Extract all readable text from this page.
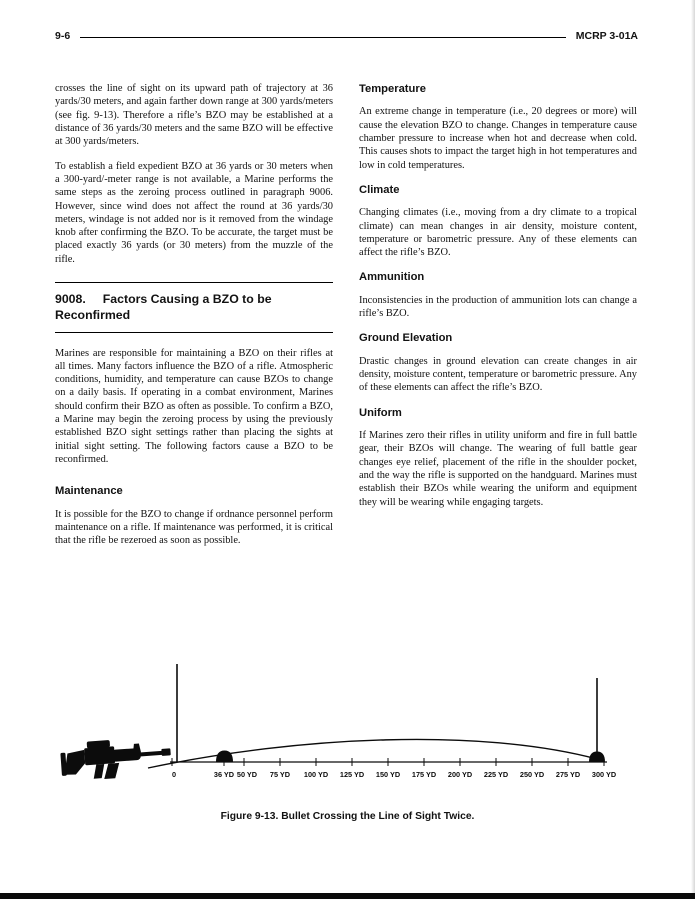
9-6	MCRP 3-01A

crosses the line of sight on its upward path of trajectory at 36 yards/30 meters, and again farther down range at 300 yards/meters (see fig. 9-13). Therefore a rifle’s BZO may be established at a distance of 36 yards/30 meters and the same BZO will be effective at 300 yards/meters.

To establish a field expedient BZO at 36 yards or 30 meters when a 300-yard/-meter range is not available, a Marine performs the same steps as the zeroing process outlined in paragraph 9006. However, since wind does not affect the round at 36 yards/30 meters, windage is not added nor is it removed from the windage knob after confirming the BZO. To be accurate, the target must be placed exactly 36 yards (or 30 meters) from the muzzle of the rifle.

9008. Factors Causing a BZO to be Reconfirmed

Marines are responsible for maintaining a BZO on their rifles at all times. Many factors influence the BZO of a rifle. Atmospheric conditions, humidity, and temperature can cause BZOs to change on a daily basis. If operating in a combat environment, Marines should confirm their BZO as often as possible. To confirm a BZO, a Marine may begin the zeroing process by using the previously established BZO sight settings rather than placing the sights at initial sight setting. The following factors cause a BZO to be reconfirmed.

Maintenance

It is possible for the BZO to change if ordnance personnel perform maintenance on a rifle. If maintenance was performed, it is critical that the rifle be rezeroed as soon as possible.

Temperature

An extreme change in temperature (i.e., 20 degrees or more) will cause the elevation BZO to change. Changes in temperature cause chamber pressure to increase when hot and decrease when cold. This causes shots to impact the target high in hot temperatures and low in cold temperatures.

Climate

Changing climates (i.e., moving from a dry climate to a tropical climate) can mean changes in air density, moisture content, temperature or barometric pressure. Any of these elements can affect the rifle’s BZO.

Ammunition

Inconsistencies in the production of ammunition lots can change a rifle’s BZO.

Ground Elevation

Drastic changes in ground elevation can create changes in air density, moisture content, temperature or barometric pressure. Any of these elements can affect the rifle’s BZO.

Uniform

If Marines zero their rifles in utility uniform and fire in full battle gear, their BZOs will change. The wearing of full battle gear changes eye relief, placement of the rifle in the shoulder pocket, and the way the rifle is supported on the handguard. Marines must establish their BZOs while wearing the uniform and equipment they will be wearing while engaging targets.

0	36 YD 50 YD 75 YD 100 YD 125 YD 150 YD 175 YD 200 YD 225 YD 250 YD 275 YD 300 YD
Figure 9-13. Bullet Crossing the Line of Sight Twice.
